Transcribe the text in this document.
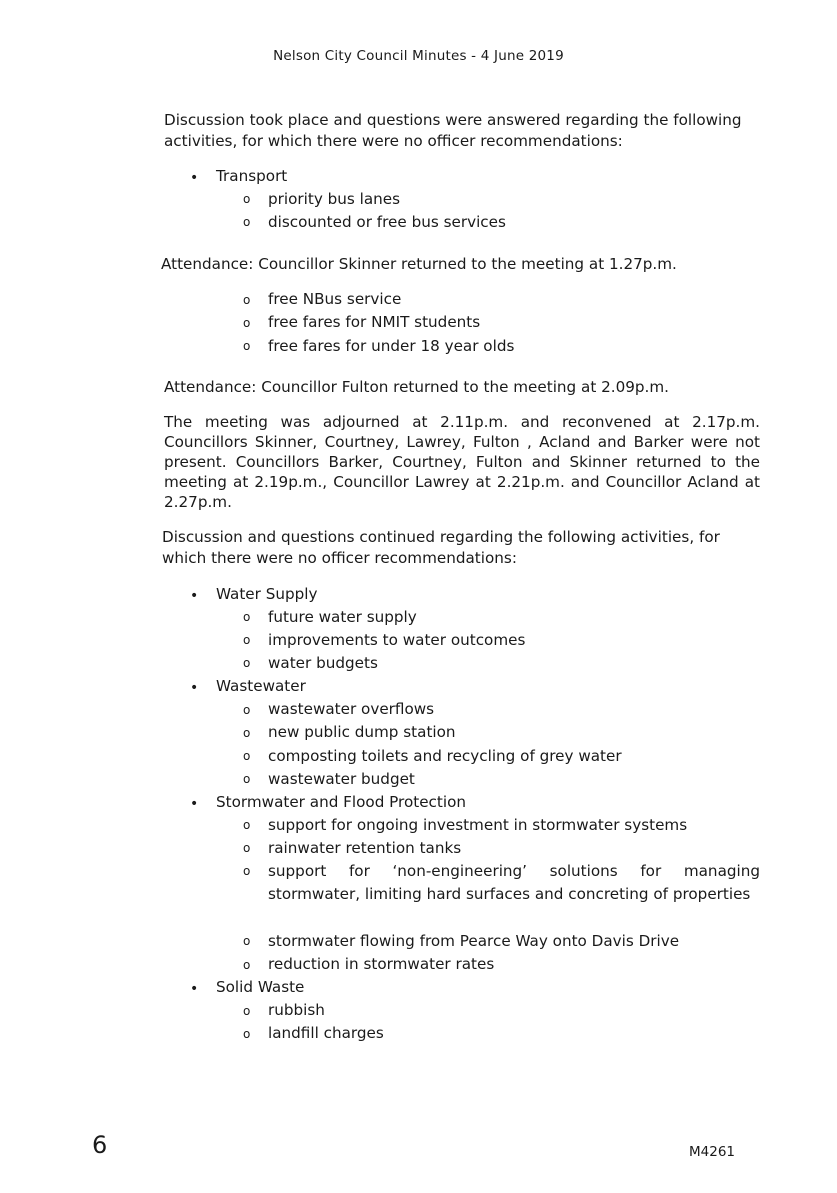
Nelson City Council Minutes - 4 June 2019

Discussion took place and questions were answered regarding the following activities, for which there were no officer recommendations:

• Transport
o priority bus lanes
o discounted or free bus services
Attendance: Councillor Skinner returned to the meeting at 1.27p.m.
o free NBus service
o free fares for NMIT students
o free fares for under 18 year olds
Attendance: Councillor Fulton returned to the meeting at 2.09p.m.

The meeting was adjourned at 2.11p.m. and reconvened at 2.17p.m. Councillors Skinner, Courtney, Lawrey, Fulton , Acland and Barker were not present. Councillors Barker, Courtney, Fulton and Skinner returned to the meeting at 2.19p.m., Councillor Lawrey at 2.21p.m. and Councillor Acland at 2.27p.m.

Discussion and questions continued regarding the following activities, for which there were no officer recommendations:

• Water Supply
o future water supply
o improvements to water outcomes
o water budgets
• Wastewater
o wastewater overflows
o new public dump station
o composting toilets and recycling of grey water
o wastewater budget
• Stormwater and Flood Protection
o support for ongoing investment in stormwater systems
o rainwater retention tanks
o support for ‘non-engineering’ solutions for managing stormwater, limiting hard surfaces and concreting of properties

o stormwater flowing from Pearce Way onto Davis Drive
o reduction in stormwater rates
• Solid Waste
o rubbish
o landfill charges
6	M4261
